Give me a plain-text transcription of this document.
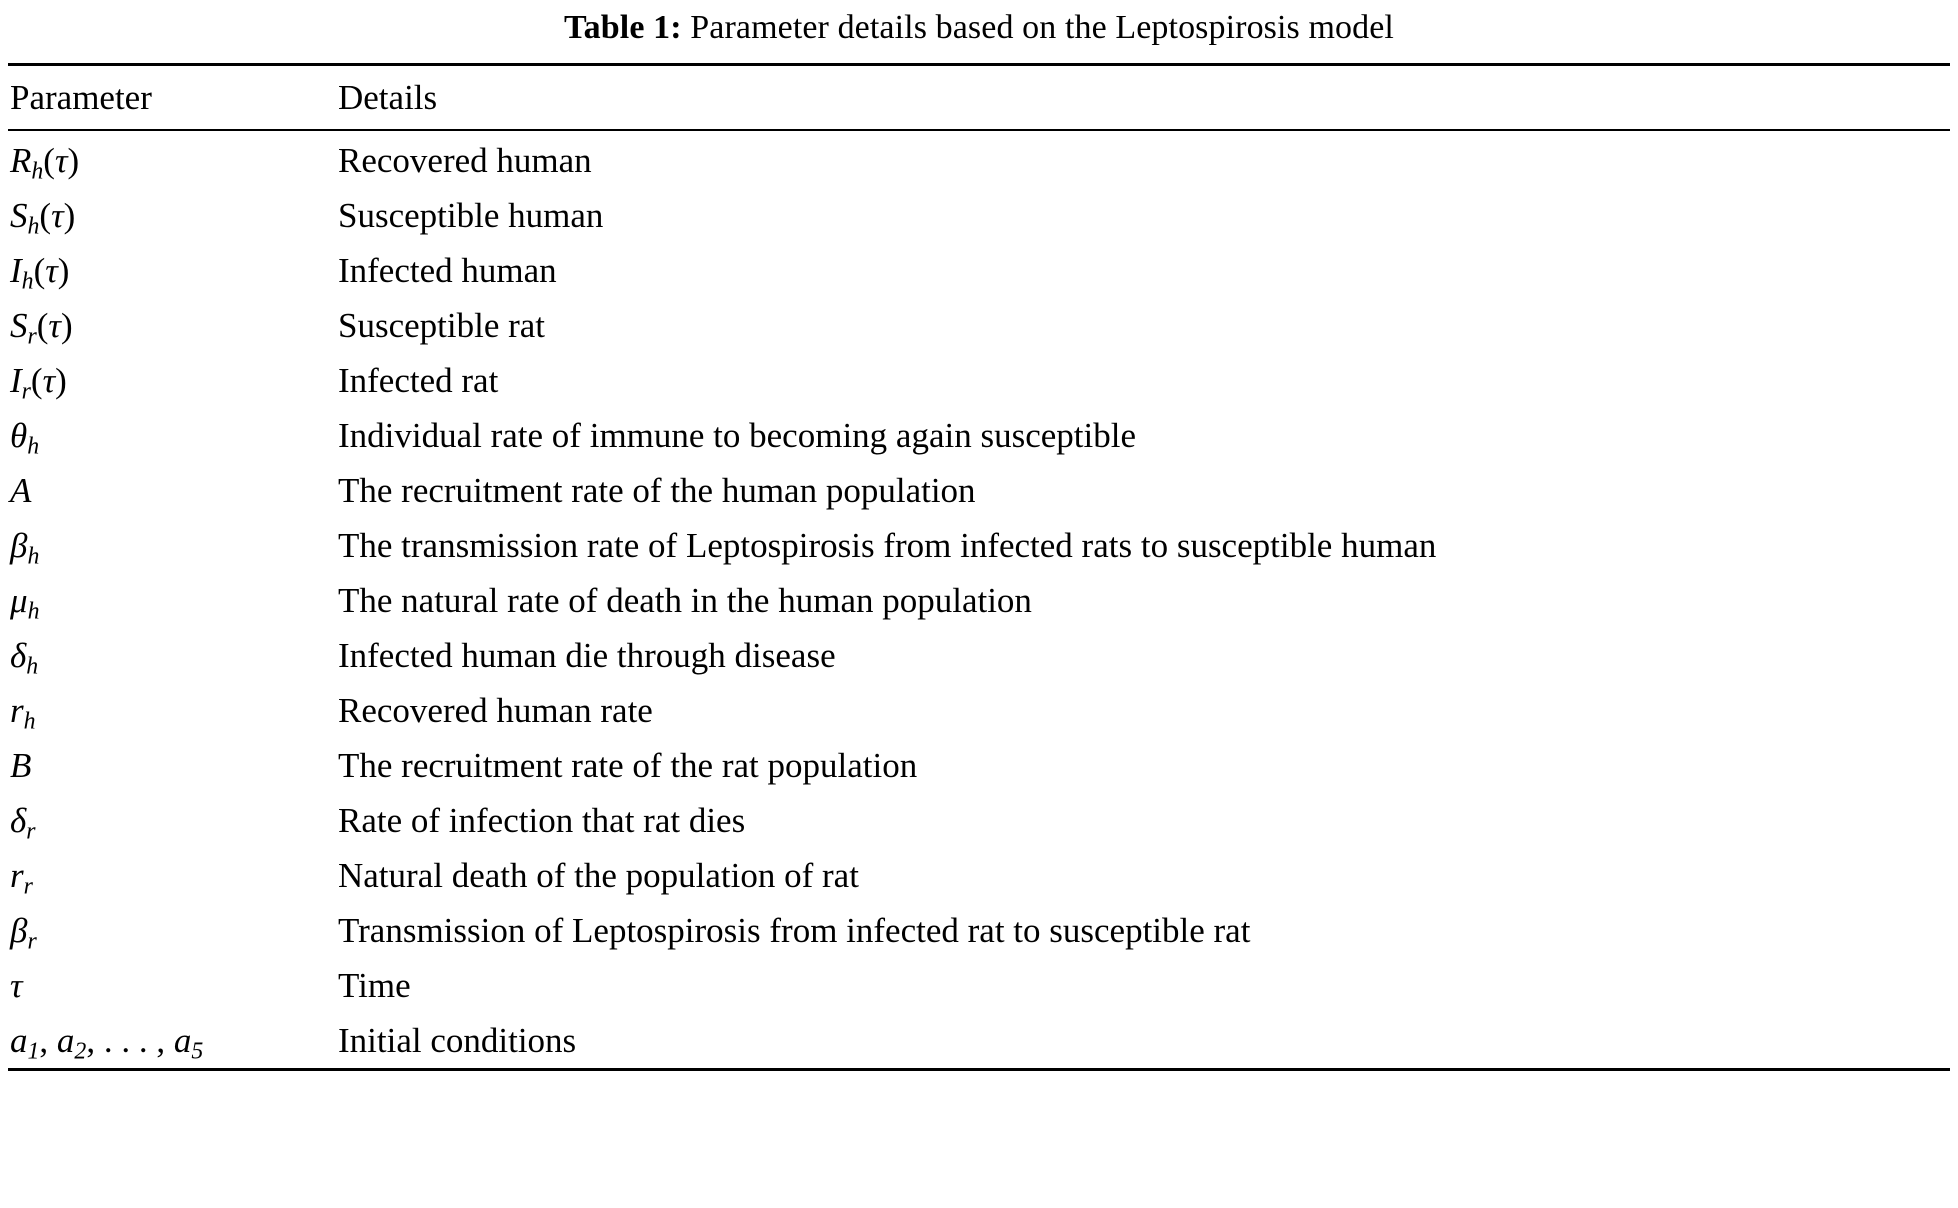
Table 1: Parameter details based on the Leptospirosis model

Parameter	Details

$R_h(\tau)$	Recovered human
$S_h(\tau)$	Susceptible human
$I_h(\tau)$	Infected human
$S_r(\tau)$	Susceptible rat
$I_r(\tau)$	Infected rat
$\theta_h$	Individual rate of immune to becoming again susceptible
A	The recruitment rate of the human population
$\beta_h$	The transmission rate of Leptospirosis from infected rats to susceptible human
$\mu_h$	The natural rate of death in the human population
$\delta_h$	Infected human die through disease
$r_h$	Recovered human rate
B	The recruitment rate of the rat population
$\delta_r$	Rate of infection that rat dies
$r_r$	Natural death of the population of rat
$\beta_r$	Transmission of Leptospirosis from infected rat to susceptible rat
τ	Time
$a_1$, $a_2$, . . . , $a_5$	Initial conditions
